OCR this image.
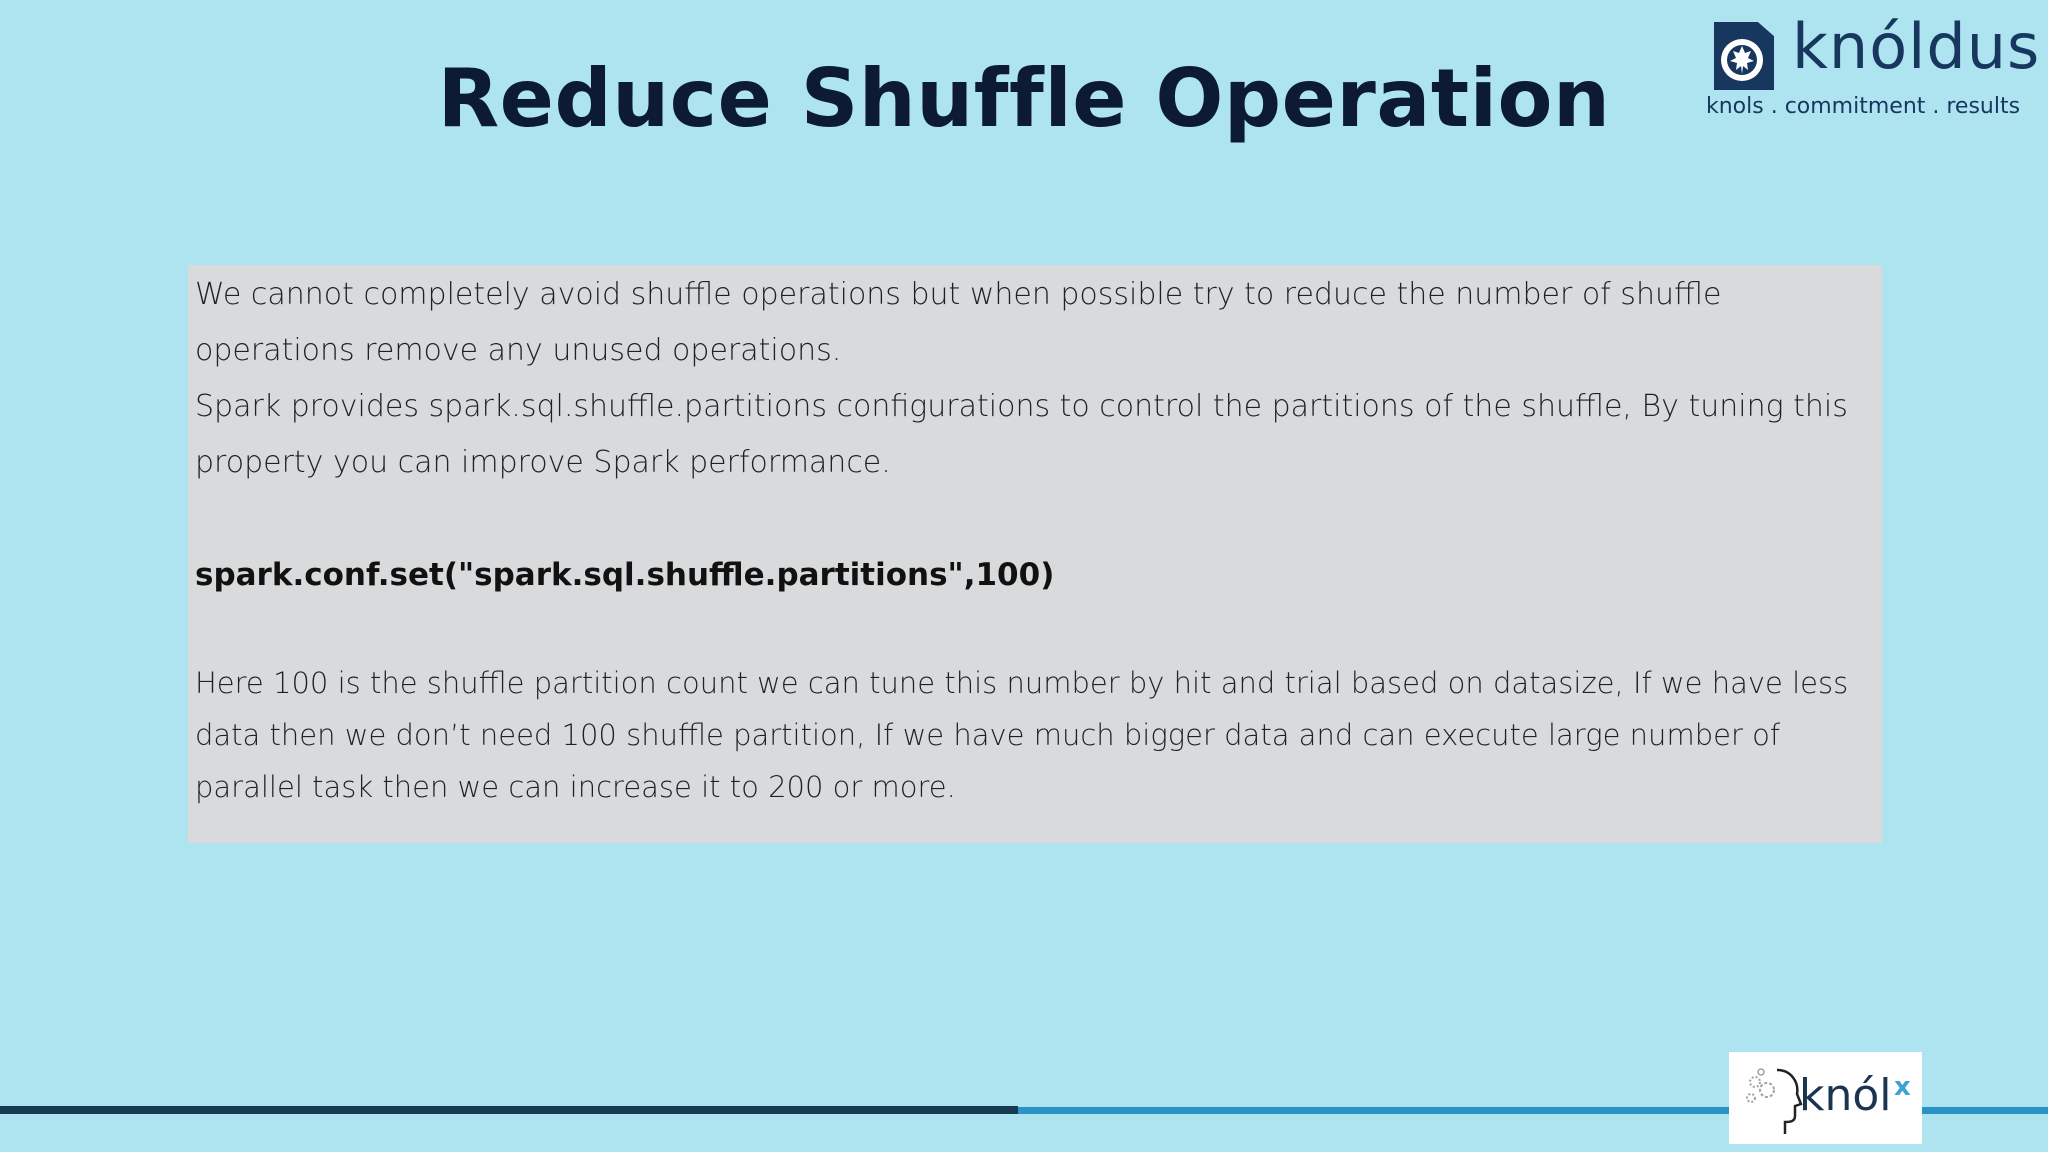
Reduce Shuffle Operation
knóldus
knols . commitment . results

We cannot completely avoid shuffle operations but when possible try to reduce the number of shuffle operations remove any unused operations.
Spark provides spark.sql.shuffle.partitions configurations to control the partitions of the shuffle, By tuning this property you can improve Spark performance.

spark.conf.set("spark.sql.shuffle.partitions",100)

Here 100 is the shuffle partition count we can tune this number by hit and trial based on datasize, If we have less data then we don’t need 100 shuffle partition, If we have much bigger data and can execute large number of parallel task then we can increase it to 200 or more.

knól x
